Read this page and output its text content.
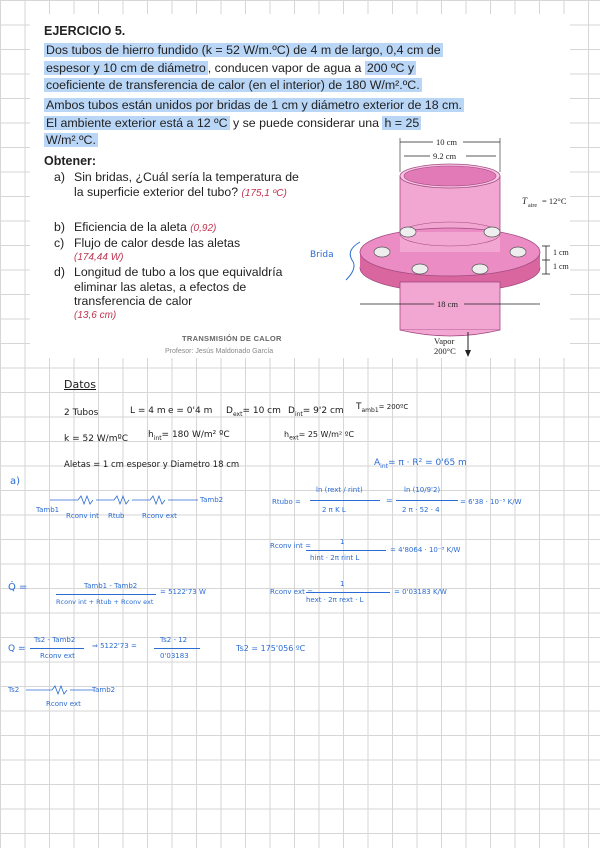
EJERCICIO 5.
Dos tubos de hierro fundido (k = 52 W/m.ºC) de 4 m de largo, 0,4 cm de
espesor y 10 cm de diámetro , conducen vapor de agua a 200 ºC y
coeficiente de transferencia de calor (en el interior) de 180 W/m².ºC.
Ambos tubos están unidos por bridas de 1 cm y diámetro exterior de 18 cm.
El ambiente exterior está a 12 ºC y se puede considerar una h = 25
W/m².ºC.
Obtener:
a) Sin bridas, ¿Cuál sería la temperatura de la superficie exterior del tubo? (175,1 ºC)
b) Eficiencia de la aleta (0,92)
c) Flujo de calor desde las aletas
(174,44 W)
d) Longitud de tubo a los que equivaldría eliminar las aletas, a efectos de transferencia de calor
(13,6 cm)
TRANSMISIÓN DE CALOR
Profesor: Jesús Maldonado García
10 cm
9.2 cm
18 cm
1 cm
1 cm
T aire = 12°C
Vapor
200°C
Brida
Datos
2 Tubos	L = 4 m e = 0'4 m $D_{ext}= 10$ cm $D_{int}= 9'2$ cm $T_{amb1}=$ 200ºC
k = 52 W/mºC $h_{int}= 180$ W/m² ºC	$h_{ext}= 25$ W/m² ºC
Aletas = 1 cm espesor y Diametro 18 cm
a)
$A_{int}= \pi \cdot R^2 = 0'65$ m
Tamb1
Tamb2
Rconv int Rtub	Rconv ext
Rtubo =
ln (rext / rint)
2 π K L
=
ln (10/9'2)
2 π · 52 · 4
= 6'38 · 10⁻⁵ K/W
Rconv int =	1
hint · 2π rint L
= 4'8064 · 10⁻³ K/W
Q̇ =	Tamb1 - Tamb2
Rconv int + Rtub + Rconv ext
= 5122'73 W	Rconv ext =
1
hext · 2π rext · L
= 0'03183 K/W
Q =
Ts2 - Tamb2
Rconv ext
⇒ 5122'73 =
Ts2 - 12
0'03183
Ts2 = 175'056 ºC
Ts2	Tamb2
Rconv ext
